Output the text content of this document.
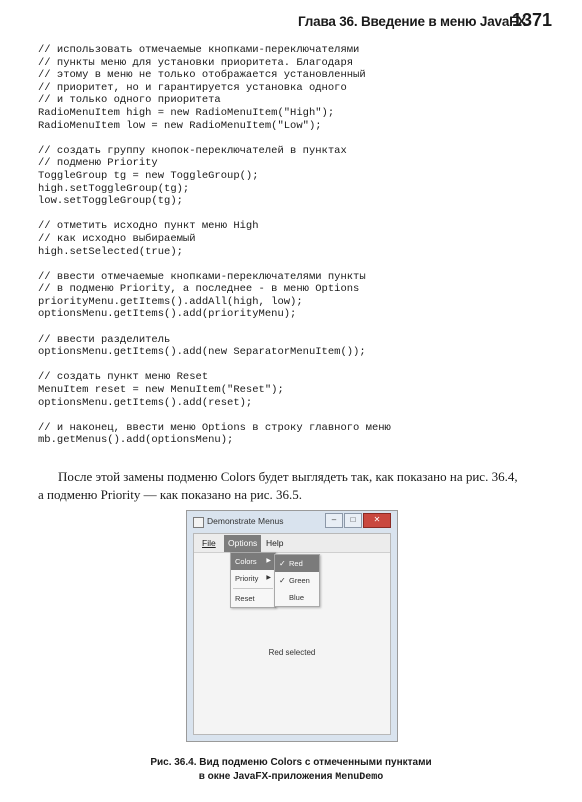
Глава 36. Введение в меню JavaFX
1371
// использовать отмечаемые кнопками-переключателями
// пункты меню для установки приоритета. Благодаря
// этому в меню не только отображается установленный
// приоритет, но и гарантируется установка одного
// и только одного приоритета
RadioMenuItem high = new RadioMenuItem("High");
RadioMenuItem low = new RadioMenuItem("Low");
// создать группу кнопок-переключателей в пунктах
// подменю Priority
ToggleGroup tg = new ToggleGroup();
high.setToggleGroup(tg);
low.setToggleGroup(tg);
// отметить исходно пункт меню High
// как исходно выбираемый
high.setSelected(true);
// ввести отмечаемые кнопками-переключателями пункты
// в подменю Priority, а последнее - в меню Options
priorityMenu.getItems().addAll(high, low);
optionsMenu.getItems().add(priorityMenu);
// ввести разделитель
optionsMenu.getItems().add(new SeparatorMenuItem());
// создать пункт меню Reset
MenuItem reset = new MenuItem("Reset");
optionsMenu.getItems().add(reset);
// и наконец, ввести меню Options в строку главного меню
mb.getMenus().add(optionsMenu);
После этой замены подменю Colors будет выглядеть так, как показано на рис. 36.4,
а подменю Priority — как показано на рис. 36.5.
Demonstrate Menus	–	□	✕
File	Options	Help
Colors ▶
Priority ▶
Reset
✓ Red
✓ Green
Blue
Red selected
Рис. 36.4. Вид подменю Colors с отмеченными пунктами
в окне JavaFX-приложения MenuDemo
